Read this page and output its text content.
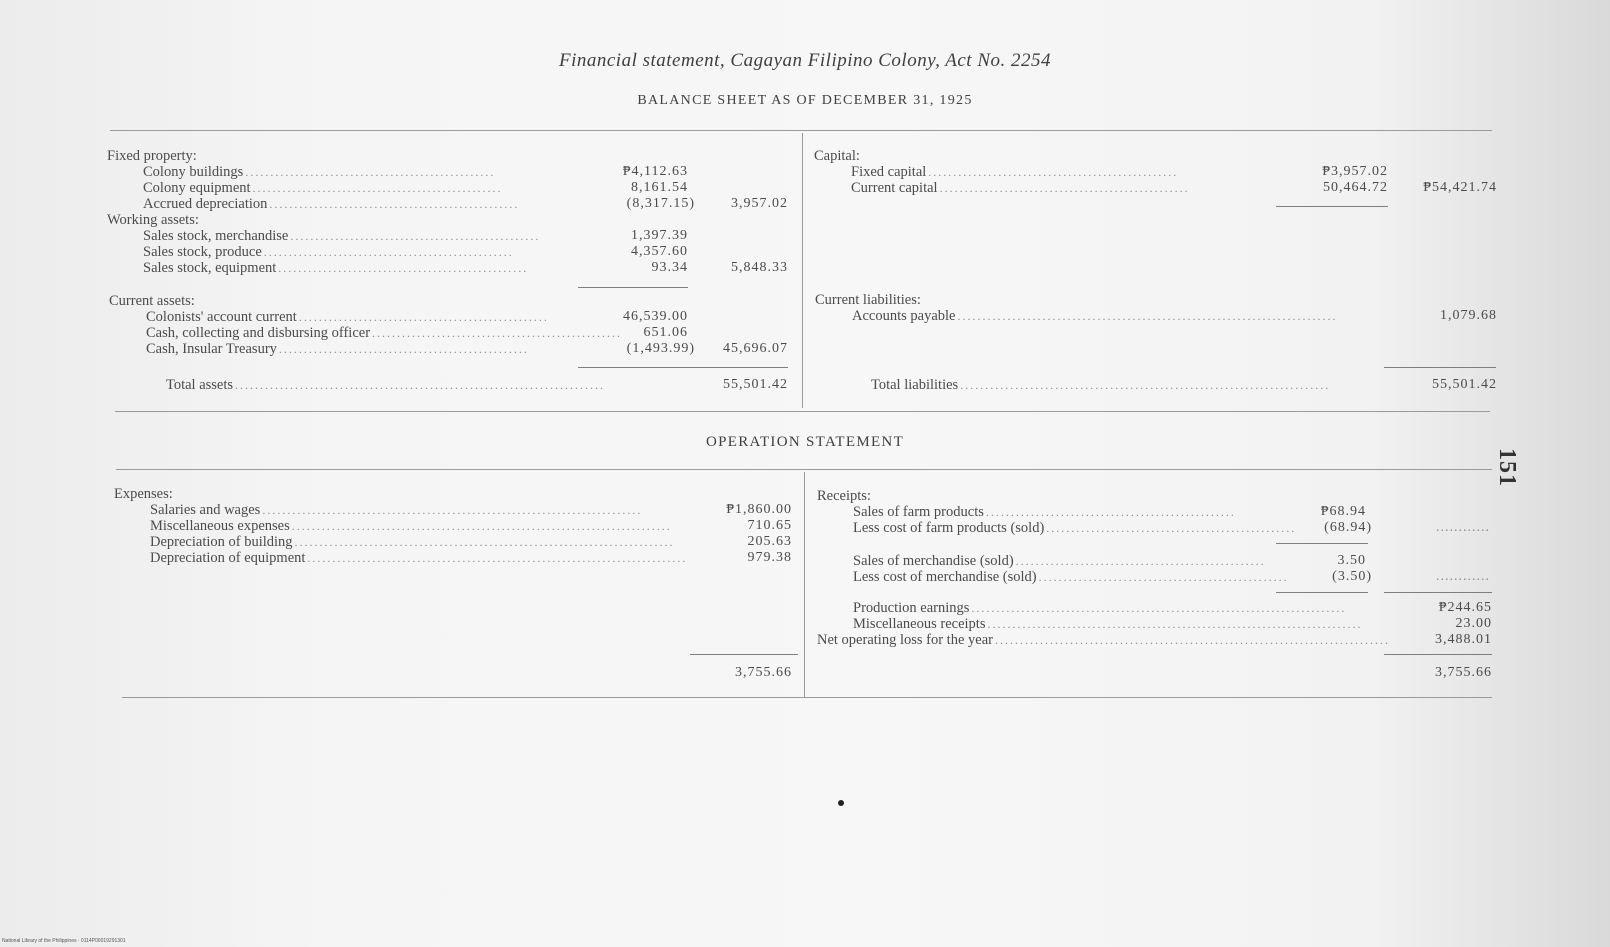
Financial statement, Cagayan Filipino Colony, Act No. 2254
BALANCE SHEET AS OF DECEMBER 31, 1925
Fixed property:
Colony buildings ..................................................	₱4,112.63
Colony equipment ..................................................	8,161.54
Accrued depreciation ..................................................	(8,317.15)	3,957.02
Working assets:
Sales stock, merchandise ..................................................	1,397.39
Sales stock, produce ..................................................	4,357.60
Sales stock, equipment ..................................................	93.34	5,848.33
Current assets:
Colonists' account current ..................................................	46,539.00
Cash, collecting and disbursing officer ..................................................	651.06
Cash, Insular Treasury ..................................................	(1,493.99)	45,696.07
Total assets ..........................................................................	55,501.42
Capital:
Fixed capital ..................................................	₱3,957.02
Current capital ..................................................	50,464.72	₱54,421.74
Current liabilities:
Accounts payable ............................................................................	1,079.68
Total liabilities ..........................................................................	55,501.42
OPERATION STATEMENT
Expenses:
Salaries and wages ............................................................................	₱1,860.00
Miscellaneous expenses ............................................................................	710.65
Depreciation of building ............................................................................	205.63
Depreciation of equipment ............................................................................	979.38
3,755.66
Receipts:
Sales of farm products ..................................................	₱68.94
Less cost of farm products (sold) ..................................................	(68.94)	............
Sales of merchandise (sold) ..................................................	3.50
Less cost of merchandise (sold) ..................................................	(3.50)	............
Production earnings ...........................................................................	₱244.65
Miscellaneous receipts ...........................................................................	23.00
Net operating loss for the year ...............................................................................	3,488.01
3,755.66
151
National Library of the Philippines · 0114P00019291301
